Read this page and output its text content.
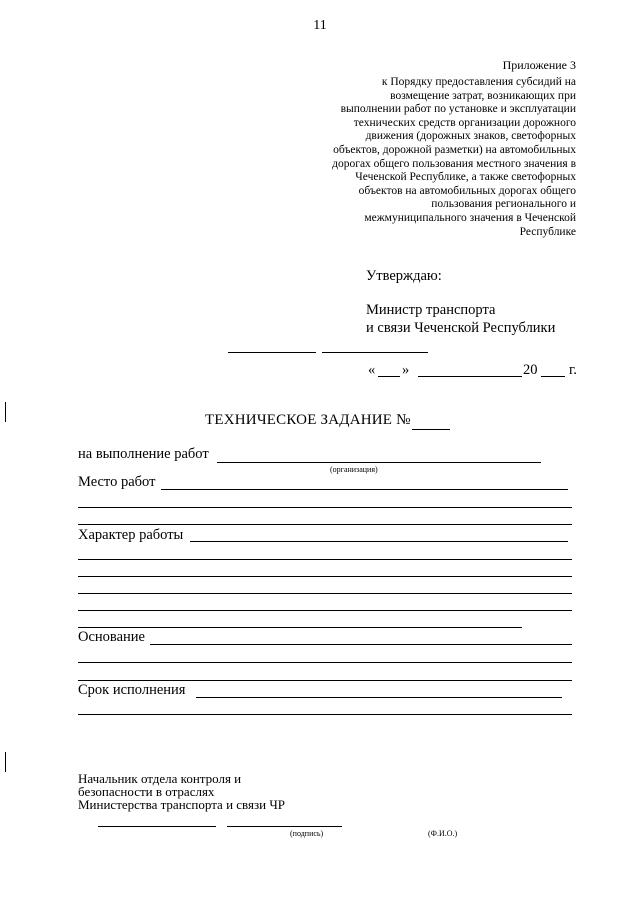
11
Приложение 3
к Порядку предоставления субсидий на
возмещение затрат, возникающих при
выполнении работ по установке и эксплуатации
технических средств организации дорожного
движения (дорожных знаков, светофорных
объектов, дорожной разметки) на автомобильных
дорогах общего пользования местного значения в
Чеченской Республике, а также светофорных
объектов на автомобильных дорогах общего
пользования регионального и
межмуниципального значения в Чеченской
Республике
Утверждаю:
Министр транспорта
и связи Чеченской Республики
« »	20 г.
ТЕХНИЧЕСКОЕ ЗАДАНИЕ №
на выполнение работ
(организация)
Место работ
Характер работы
Основание
Срок исполнения
Начальник отдела контроля и
безопасности в отраслях
Министерства транспорта и связи ЧР
(подпись)	(Ф.И.О.)
